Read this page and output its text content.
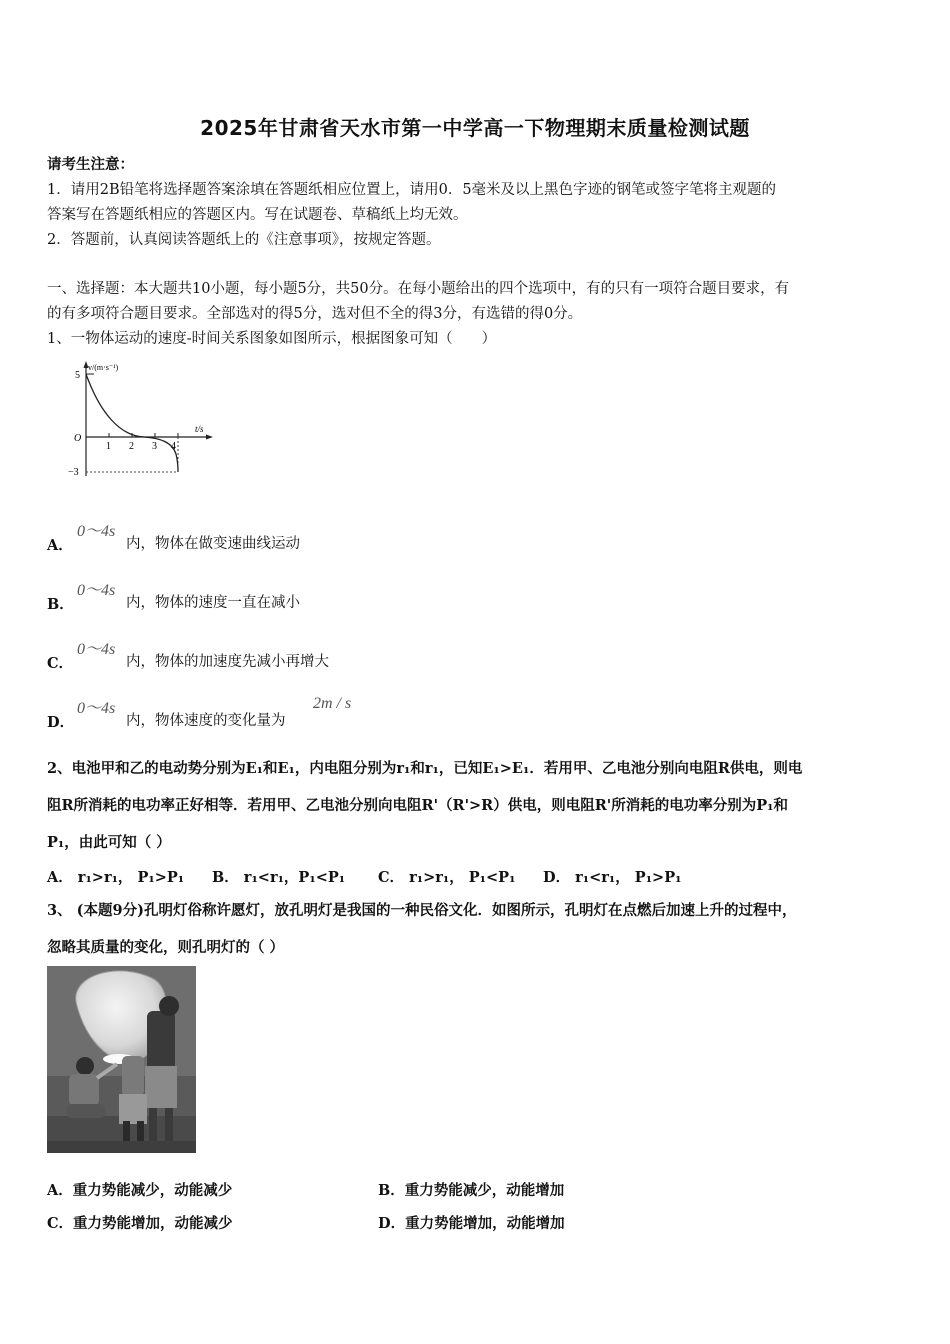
2025年甘肃省天水市第一中学高一下物理期末质量检测试题
请考生注意：
1．请用2B铅笔将选择题答案涂填在答题纸相应位置上，请用0．5毫米及以上黑色字迹的钢笔或签字笔将主观题的
答案写在答题纸相应的答题区内。写在试题卷、草稿纸上均无效。
2．答题前，认真阅读答题纸上的《注意事项》，按规定答题。
一、选择题：本大题共10小题，每小题5分，共50分。在每小题给出的四个选项中，有的只有一项符合题目要求，有
的有多项符合题目要求。全部选对的得5分，选对但不全的得3分，有选错的得0分。
1、一物体运动的速度-时间关系图象如图所示，根据图象可知（　　）
v/(m·s⁻¹)
t/s
5
−3
O
1 2 3 4
A．
0～4s
内，物体在做变速曲线运动
B．
0～4s
内，物体的速度一直在减小
C．
0～4s
内，物体的加速度先减小再增大
D．
0～4s
内，物体速度的变化量为
2m / s
2、电池甲和乙的电动势分别为E₁和E₁，内电阻分别为r₁和r₁，已知E₁>E₁．若用甲、乙电池分别向电阻R供电，则电
阻R所消耗的电功率正好相等．若用甲、乙电池分别向电阻R'（R'>R）供电，则电阻R'所消耗的电功率分别为P₁和
P₁，由此可知（ ）
A． r₁>r₁， P₁>P₁ B． r₁<r₁，P₁<P₁ C． r₁>r₁， P₁<P₁ D． r₁<r₁， P₁>P₁
3、 (本题9分)孔明灯俗称许愿灯，放孔明灯是我国的一种民俗文化．如图所示，孔明灯在点燃后加速上升的过程中，
忽略其质量的变化，则孔明灯的（ ）
A．重力势能减少，动能减少	B．重力势能减少，动能增加
C．重力势能增加，动能减少	D．重力势能增加，动能增加
